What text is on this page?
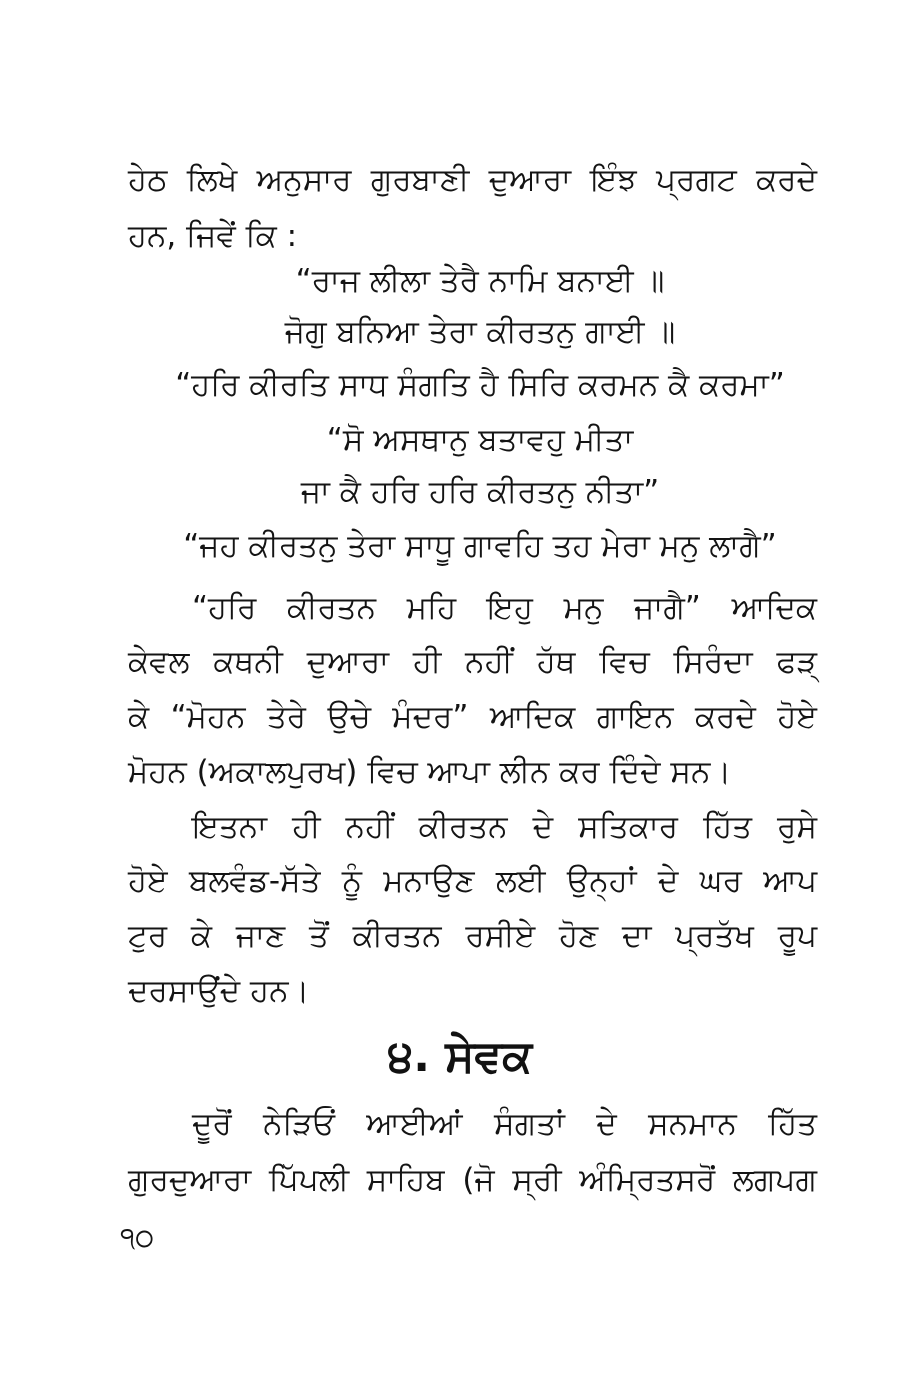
ਹੇਠ ਲਿਖੇ ਅਨੁਸਾਰ ਗੁਰਬਾਣੀ ਦੁਆਰਾ ਇੰਝ ਪ੍ਰਗਟ ਕਰਦੇ
ਹਨ, ਜਿਵੇਂ ਕਿ :
“ਰਾਜ ਲੀਲਾ ਤੇਰੈ ਨਾਮਿ ਬਨਾਈ ॥
ਜੋਗੁ ਬਨਿਆ ਤੇਰਾ ਕੀਰਤਨੁ ਗਾਈ ॥
“ਹਰਿ ਕੀਰਤਿ ਸਾਧ ਸੰਗਤਿ ਹੈ ਸਿਰਿ ਕਰਮਨ ਕੈ ਕਰਮਾ”
“ਸੋ ਅਸਥਾਨੁ ਬਤਾਵਹੁ ਮੀਤਾ
ਜਾ ਕੈ ਹਰਿ ਹਰਿ ਕੀਰਤਨੁ ਨੀਤਾ”
“ਜਹ ਕੀਰਤਨੁ ਤੇਰਾ ਸਾਧੂ ਗਾਵਹਿ ਤਹ ਮੇਰਾ ਮਨੁ ਲਾਗੈ”
“ਹਰਿ ਕੀਰਤਨ ਮਹਿ ਇਹੁ ਮਨੁ ਜਾਗੈ” ਆਦਿਕ
ਕੇਵਲ ਕਥਨੀ ਦੁਆਰਾ ਹੀ ਨਹੀਂ ਹੱਥ ਵਿਚ ਸਿਰੰਦਾ ਫੜ੍
ਕੇ “ਮੋਹਨ ਤੇਰੇ ਉਚੇ ਮੰਦਰ” ਆਦਿਕ ਗਾਇਨ ਕਰਦੇ ਹੋਏ
ਮੋਹਨ (ਅਕਾਲਪੁਰਖ) ਵਿਚ ਆਪਾ ਲੀਨ ਕਰ ਦਿੰਦੇ ਸਨ।
ਇਤਨਾ ਹੀ ਨਹੀਂ ਕੀਰਤਨ ਦੇ ਸਤਿਕਾਰ ਹਿੱਤ ਰੁਸੇ
ਹੋਏ ਬਲਵੰਡ-ਸੱਤੇ ਨੂੰ ਮਨਾਉਣ ਲਈ ਉਨ੍ਹਾਂ ਦੇ ਘਰ ਆਪ
ਟੁਰ ਕੇ ਜਾਣ ਤੋਂ ਕੀਰਤਨ ਰਸੀਏ ਹੋਣ ਦਾ ਪ੍ਰਤੱਖ ਰੂਪ
ਦਰਸਾਉਂਦੇ ਹਨ।
੪. ਸੇਵਕ
ਦੂਰੋਂ ਨੇੜਿਓਂ ਆਈਆਂ ਸੰਗਤਾਂ ਦੇ ਸਨਮਾਨ ਹਿੱਤ
ਗੁਰਦੁਆਰਾ ਪਿੱਪਲੀ ਸਾਹਿਬ (ਜੋ ਸ੍ਰੀ ਅੰਮ੍ਰਿਤਸਰੋਂ ਲਗਪਗ
੧੦
